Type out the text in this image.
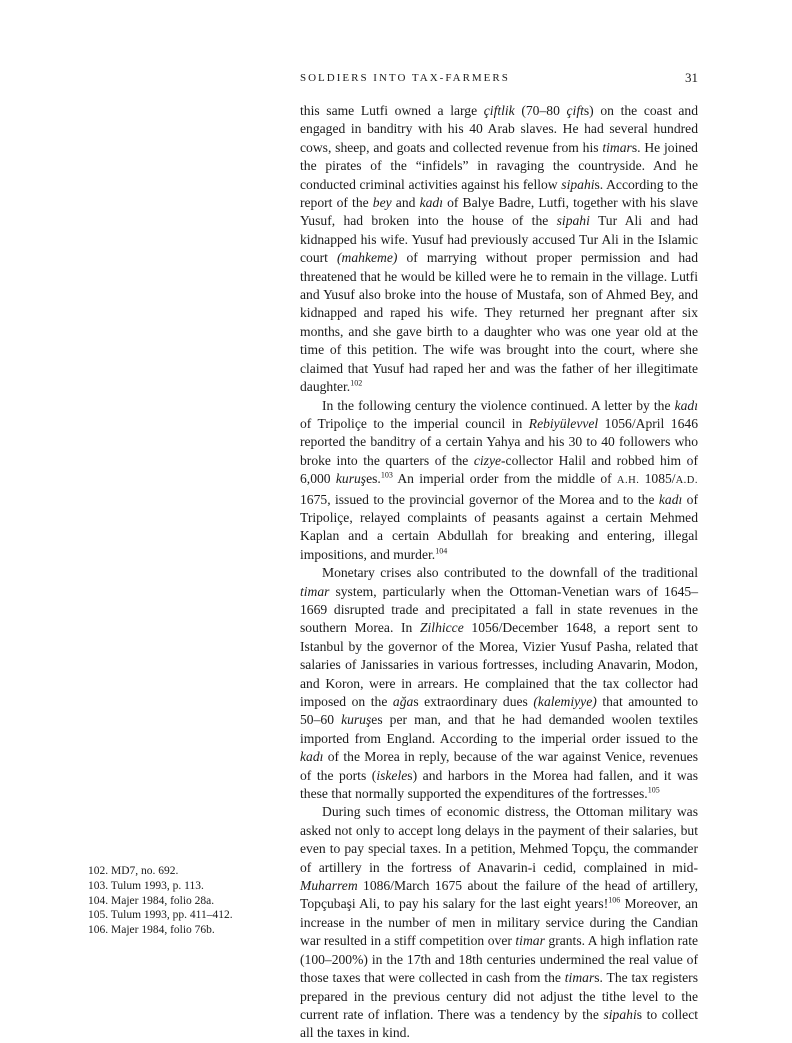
SOLDIERS INTO TAX-FARMERS	31

this same Lutfi owned a large çiftlik (70–80 çifts) on the coast and engaged in banditry with his 40 Arab slaves. He had several hundred cows, sheep, and goats and collected revenue from his timars. He joined the pirates of the “infidels” in ravaging the countryside. And he conducted criminal activities against his fellow sipahis. According to the report of the bey and kadı of Balye Badre, Lutfi, together with his slave Yusuf, had broken into the house of the sipahi Tur Ali and had kidnapped his wife. Yusuf had previously accused Tur Ali in the Islamic court (mahkeme) of marrying without proper permission and had threatened that he would be killed were he to remain in the village. Lutfi and Yusuf also broke into the house of Mustafa, son of Ahmed Bey, and kidnapped and raped his wife. They returned her pregnant after six months, and she gave birth to a daughter who was one year old at the time of this petition. The wife was brought into the court, where she claimed that Yusuf had raped her and was the father of her illegitimate daughter.$^{102}$

In the following century the violence continued. A letter by the kadı of Tripoliçe to the imperial council in Rebiyülevvel 1056/April 1646 reported the banditry of a certain Yahya and his 30 to 40 followers who broke into the quarters of the cizye-collector Halil and robbed him of 6,000 kuruşes.$^{103}$ An imperial order from the middle of A.H. 1085/A.D. 1675, issued to the provincial governor of the Morea and to the kadı of Tripoliçe, relayed complaints of peasants against a certain Mehmed Kaplan and a certain Abdullah for breaking and entering, illegal impositions, and murder.$^{104}$

Monetary crises also contributed to the downfall of the traditional timar system, particularly when the Ottoman-Venetian wars of 1645–1669 disrupted trade and precipitated a fall in state revenues in the southern Morea. In Zilhicce 1056/December 1648, a report sent to Istanbul by the governor of the Morea, Vizier Yusuf Pasha, related that salaries of Janissaries in various fortresses, including Anavarin, Modon, and Koron, were in arrears. He complained that the tax collector had imposed on the ağas extraordinary dues (kalemiyye) that amounted to 50–60 kuruşes per man, and that he had demanded woolen textiles imported from England. According to the imperial order issued to the kadı of the Morea in reply, because of the war against Venice, revenues of the ports (iskeles) and harbors in the Morea had fallen, and it was these that normally supported the expenditures of the fortresses.$^{105}$

During such times of economic distress, the Ottoman military was asked not only to accept long delays in the payment of their salaries, but even to pay special taxes. In a petition, Mehmed Topçu, the commander of artillery in the fortress of Anavarin-i cedid, complained in mid-Muharrem 1086/March 1675 about the failure of the head of artillery, Topçubaşi Ali, to pay his salary for the last eight years!$^{106}$ Moreover, an increase in the number of men in military service during the Candian war resulted in a stiff competition over timar grants. A high inflation rate (100–200%) in the 17th and 18th centuries undermined the real value of those taxes that were collected in cash from the timars. The tax registers prepared in the previous century did not adjust the tithe level to the current rate of inflation. There was a tendency by the sipahis to collect all the taxes in kind.

102. MD7, no. 692.
103. Tulum 1993, p. 113.
104. Majer 1984, folio 28a.
105. Tulum 1993, pp. 411–412.
106. Majer 1984, folio 76b.
